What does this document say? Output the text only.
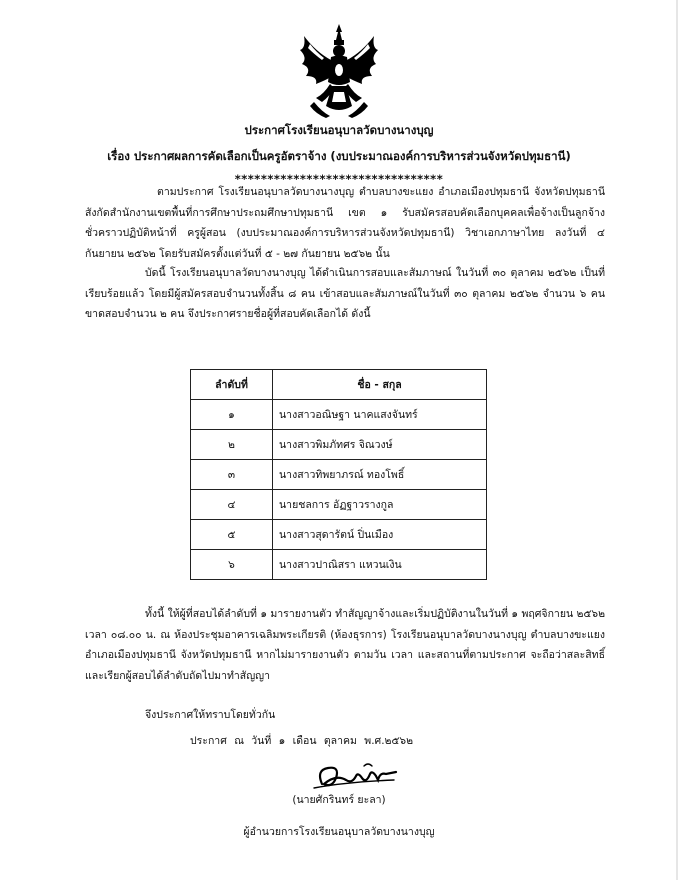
ประกาศโรงเรียนอนุบาลวัดบางนางบุญ
เรื่อง ประกาศผลการคัดเลือกเป็นครูอัตราจ้าง (งบประมาณองค์การบริหารส่วนจังหวัดปทุมธานี)
********************************

ตามประกาศ โรงเรียนอนุบาลวัดบางนางบุญ ตำบลบางขะแยง อำเภอเมืองปทุมธานี จังหวัดปทุมธานี สังกัดสำนักงานเขตพื้นที่การศึกษาประถมศึกษาปทุมธานี เขต ๑ รับสมัครสอบคัดเลือกบุคคลเพื่อจ้างเป็นลูกจ้างชั่วคราวปฏิบัติหน้าที่ ครูผู้สอน (งบประมาณองค์การบริหารส่วนจังหวัดปทุมธานี) วิชาเอกภาษาไทย ลงวันที่ ๔ กันยายน ๒๕๖๒ โดยรับสมัครตั้งแต่วันที่ ๕ - ๒๗ กันยายน ๒๕๖๒ นั้น

บัดนี้ โรงเรียนอนุบาลวัดบางนางบุญ ได้ดำเนินการสอบและสัมภาษณ์ ในวันที่ ๓๐ ตุลาคม ๒๕๖๒ เป็นที่เรียบร้อยแล้ว โดยมีผู้สมัครสอบจำนวนทั้งสิ้น ๘ คน เข้าสอบและสัมภาษณ์ในวันที่ ๓๐ ตุลาคม ๒๕๖๒ จำนวน ๖ คน ขาดสอบจำนวน ๒ คน จึงประกาศรายชื่อผู้ที่สอบคัดเลือกได้ ดังนี้

ลำดับที่	ชื่อ - สกุล
๑	นางสาวอณิษฐา นาคแสงจันทร์
๒	นางสาวพิมภัทศร จิณวงษ์
๓	นางสาวทิพยาภรณ์ ทองโพธิ์
๔	นายชลการ อัฏฐาวรางกูล
๕	นางสาวสุดารัตน์ ปิ่นเมือง
๖	นางสาวปาณิสรา แหวนเงิน

ทั้งนี้ ให้ผู้ที่สอบได้ลำดับที่ ๑ มารายงานตัว ทำสัญญาจ้างและเริ่มปฏิบัติงานในวันที่ ๑ พฤศจิกายน ๒๕๖๒ เวลา ๐๘.๐๐ น. ณ ห้องประชุมอาคารเฉลิมพระเกียรติ (ห้องธุรการ) โรงเรียนอนุบาลวัดบางนางบุญ ตำบลบางขะแยง อำเภอเมืองปทุมธานี จังหวัดปทุมธานี หากไม่มารายงานตัว ตามวัน เวลา และสถานที่ตามประกาศ จะถือว่าสละสิทธิ์ และเรียกผู้สอบได้ลำดับถัดไปมาทำสัญญา

จึงประกาศให้ทราบโดยทั่วกัน
ประกาศ ณ วันที่ ๑ เดือน ตุลาคม พ.ศ.๒๕๖๒
(นายศักรินทร์ ยะลา)
ผู้อำนวยการโรงเรียนอนุบาลวัดบางนางบุญ
